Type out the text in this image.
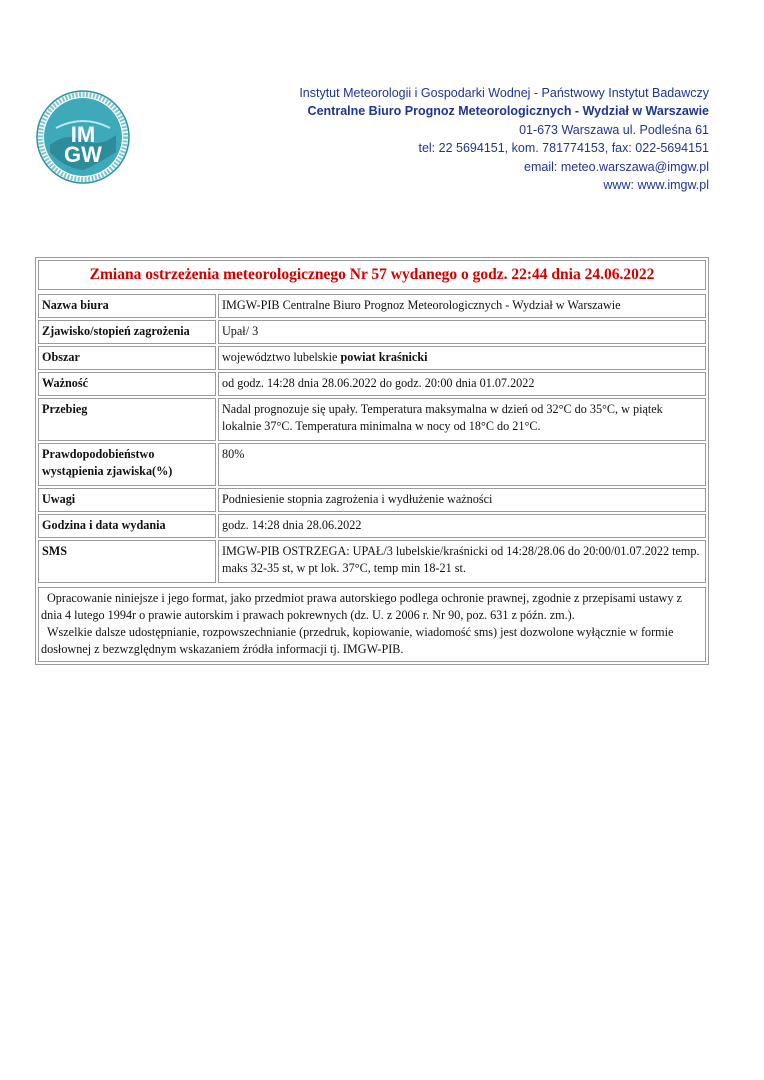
IM
GW
Instytut Meteorologii i Gospodarki Wodnej - Państwowy Instytut Badawczy
Centralne Biuro Prognoz Meteorologicznych - Wydział w Warszawie
01-673 Warszawa ul. Podleśna 61
tel: 22 5694151, kom. 781774153, fax: 022-5694151
email: meteo.warszawa@imgw.pl
www: www.imgw.pl
Zmiana ostrzeżenia meteorologicznego Nr 57 wydanego o godz. 22:44 dnia 24.06.2022
Nazwa biura	IMGW-PIB Centralne Biuro Prognoz Meteorologicznych - Wydział w Warszawie
Zjawisko/stopień zagrożenia	Upał/ 3
Obszar	województwo lubelskie powiat kraśnicki
Ważność	od godz. 14:28 dnia 28.06.2022 do godz. 20:00 dnia 01.07.2022
Przebieg	Nadal prognozuje się upały. Temperatura maksymalna w dzień od 32°C do 35°C, w piątek lokalnie 37°C. Temperatura minimalna w nocy od 18°C do 21°C.
Prawdopodobieństwo wystąpienia zjawiska(%)	80%
Uwagi	Podniesienie stopnia zagrożenia i wydłużenie ważności
Godzina i data wydania	godz. 14:28 dnia 28.06.2022
SMS	IMGW-PIB OSTRZEGA: UPAŁ/3 lubelskie/kraśnicki od 14:28/28.06 do 20:00/01.07.2022 temp. maks 32-35 st, w pt lok. 37°C, temp min 18-21 st.

Opracowanie niniejsze i jego format, jako przedmiot prawa autorskiego podlega ochronie prawnej, zgodnie z przepisami ustawy z dnia 4 lutego 1994r o prawie autorskim i prawach pokrewnych (dz. U. z 2006 r. Nr 90, poz. 631 z późn. zm.).

Wszelkie dalsze udostępnianie, rozpowszechnianie (przedruk, kopiowanie, wiadomość sms) jest dozwolone wyłącznie w formie dosłownej z bezwzględnym wskazaniem źródła informacji tj. IMGW-PIB.
